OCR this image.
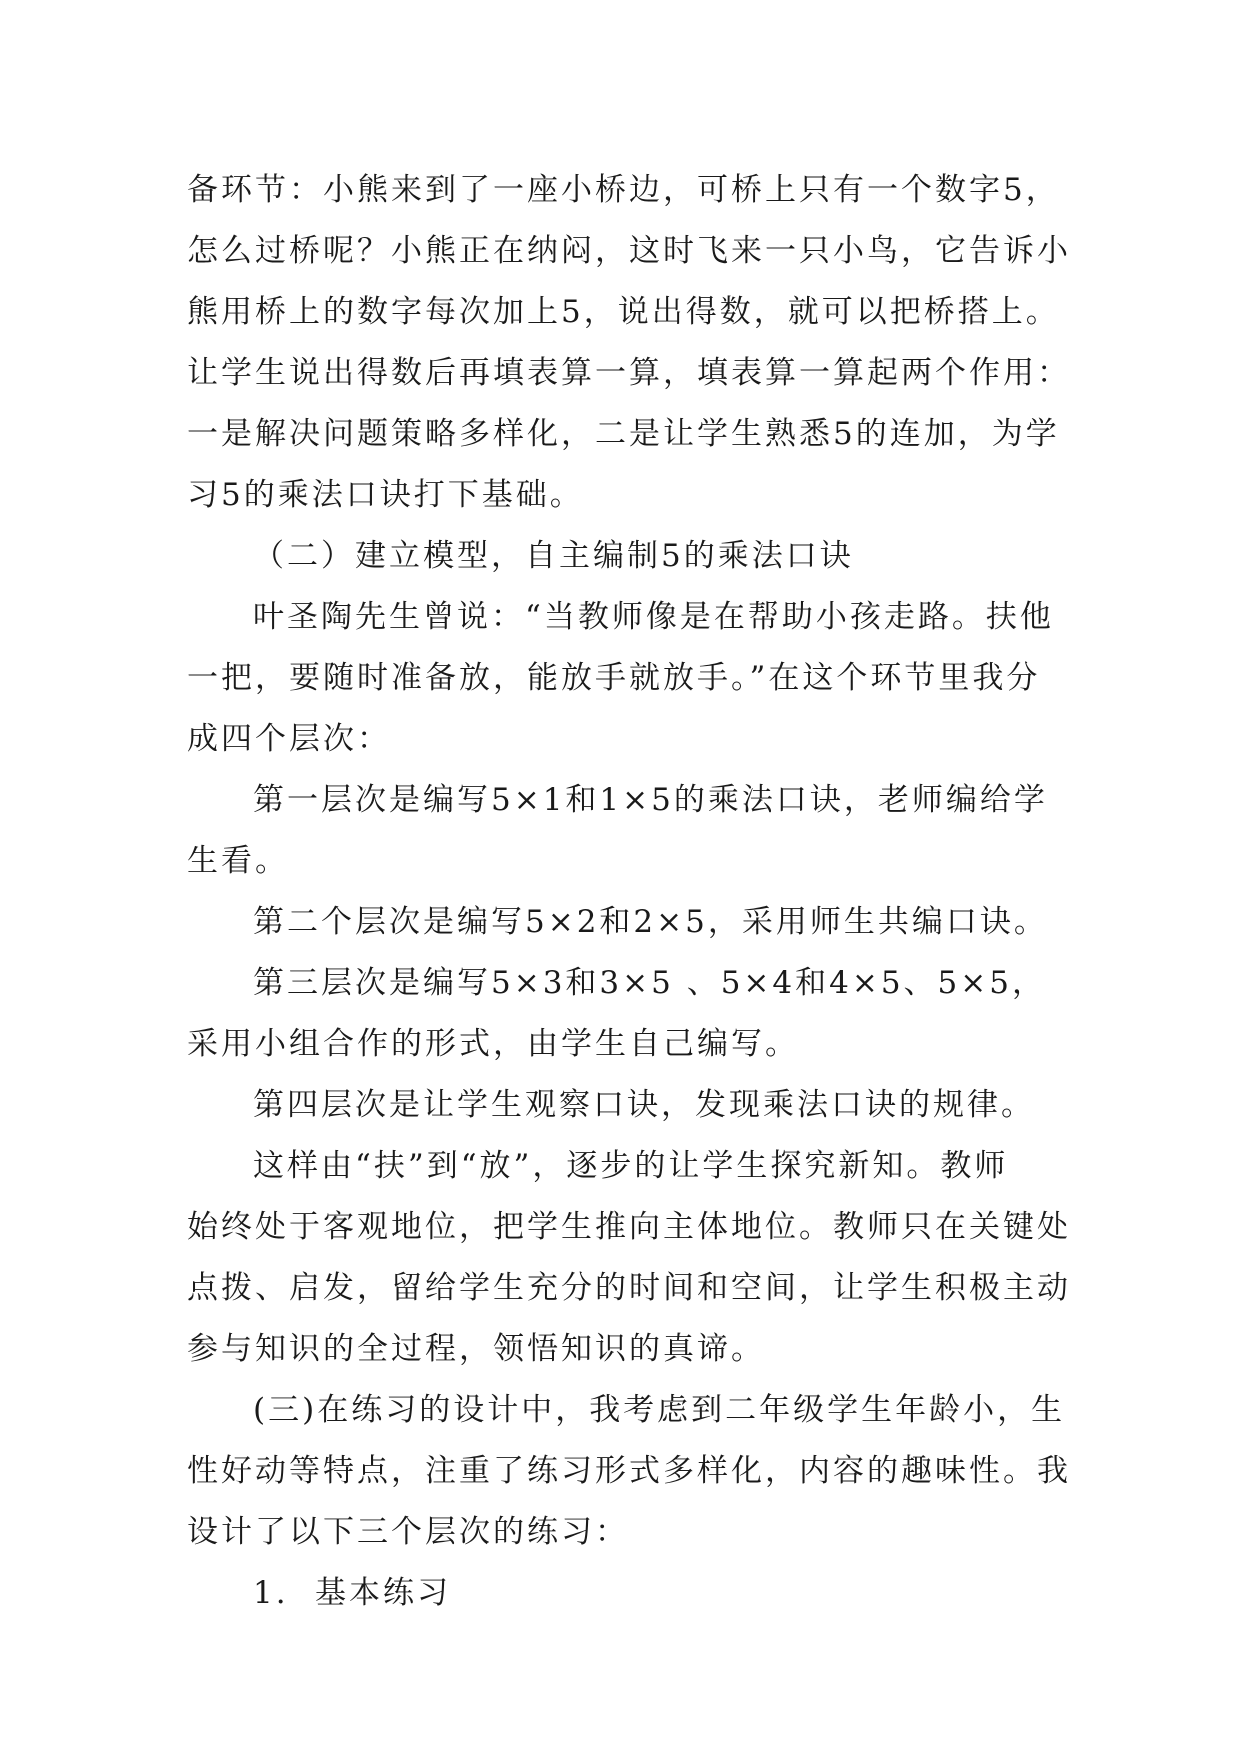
备环节：小熊来到了一座小桥边，可桥上只有一个数字5，
怎么过桥呢？小熊正在纳闷，这时飞来一只小鸟，它告诉小
熊用桥上的数字每次加上5，说出得数，就可以把桥搭上。
让学生说出得数后再填表算一算，填表算一算起两个作用：
一是解决问题策略多样化，二是让学生熟悉5的连加，为学
习5的乘法口诀打下基础。
（二）建立模型，自主编制5的乘法口诀
叶圣陶先生曾说：“当教师像是在帮助小孩走路。扶他
一把，要随时准备放，能放手就放手。”在这个环节里我分
成四个层次：
第一层次是编写5×1和1×5的乘法口诀，老师编给学
生看。
第二个层次是编写5×2和2×5，采用师生共编口诀。
第三层次是编写5×3和3×5 、5×4和4×5、5×5，
采用小组合作的形式，由学生自己编写。
第四层次是让学生观察口诀，发现乘法口诀的规律。
这样由“扶”到“放”，逐步的让学生探究新知。教师
始终处于客观地位，把学生推向主体地位。教师只在关键处
点拨、启发，留给学生充分的时间和空间，让学生积极主动
参与知识的全过程，领悟知识的真谛。
(三)在练习的设计中，我考虑到二年级学生年龄小，生
性好动等特点，注重了练习形式多样化，内容的趣味性。我
设计了以下三个层次的练习：
1. 基本练习
